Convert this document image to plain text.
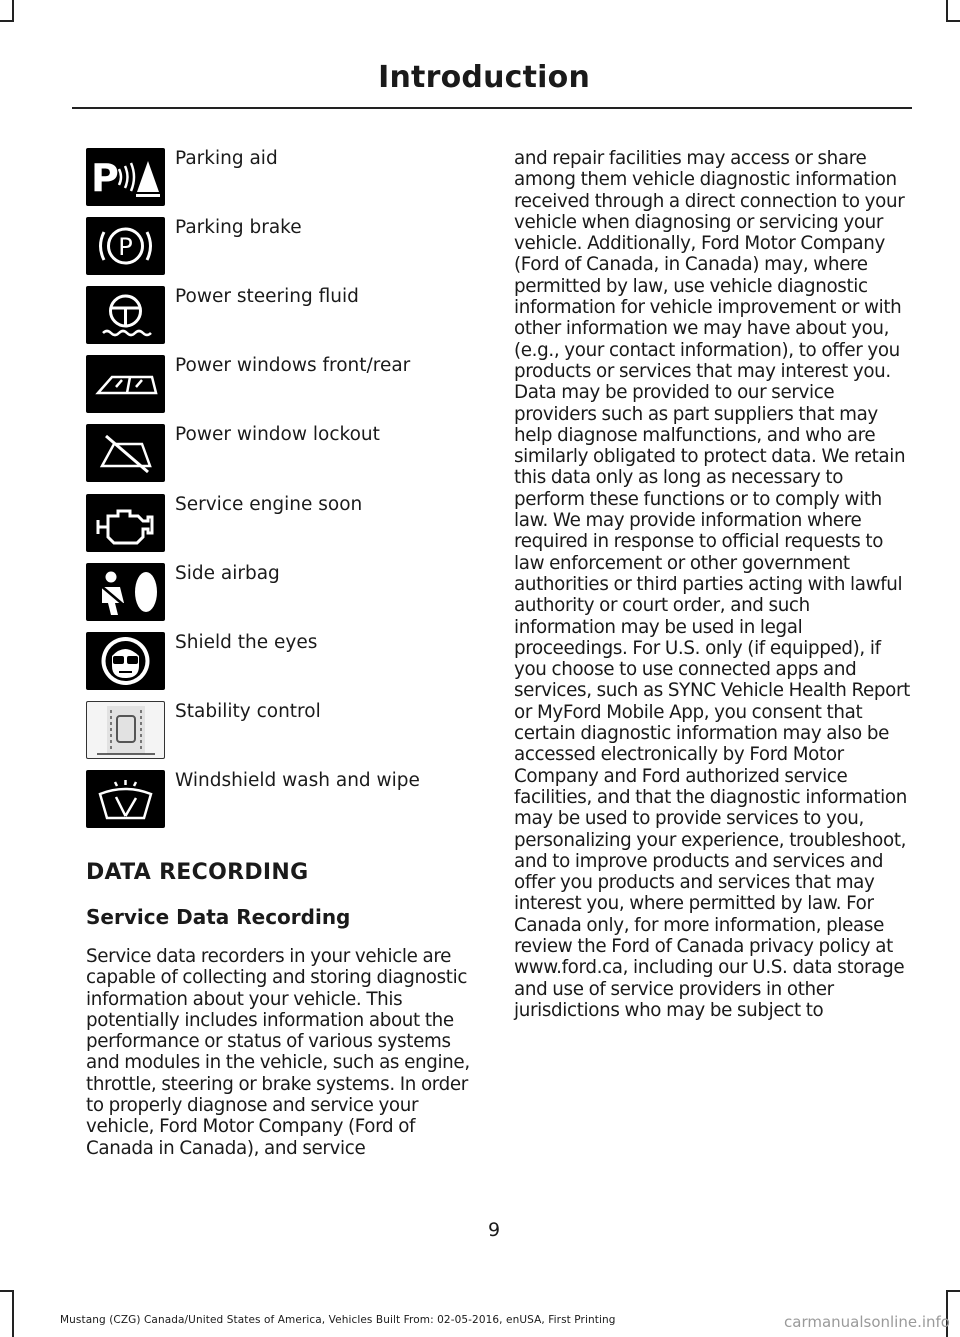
Introduction
P	Parking aid
P
Parking brake
Power steering fluid
Power windows front/rear
Power window lockout
Service engine soon
Side airbag
Shield the eyes
Stability control
Windshield wash and wipe
DATA RECORDING
Service Data Recording

Service data recorders in your vehicle are capable of collecting and storing diagnostic information about your vehicle. This potentially includes information about the performance or status of various systems and modules in the vehicle, such as engine, throttle, steering or brake systems. In order to properly diagnose and service your vehicle, Ford Motor Company (Ford of Canada in Canada), and service

and repair facilities may access or share among them vehicle diagnostic information received through a direct connection to your vehicle when diagnosing or servicing your vehicle. Additionally, Ford Motor Company (Ford of Canada, in Canada) may, where permitted by law, use vehicle diagnostic information for vehicle improvement or with other information we may have about you, (e.g., your contact information), to offer you products or services that may interest you. Data may be provided to our service providers such as part suppliers that may help diagnose malfunctions, and who are similarly obligated to protect data. We retain this data only as long as necessary to perform these functions or to comply with law. We may provide information where required in response to official requests to law enforcement or other government authorities or third parties acting with lawful authority or court order, and such information may be used in legal proceedings. For U.S. only (if equipped), if you choose to use connected apps and services, such as SYNC Vehicle Health Report or MyFord Mobile App, you consent that certain diagnostic information may also be accessed electronically by Ford Motor Company and Ford authorized service facilities, and that the diagnostic information may be used to provide services to you, personalizing your experience, troubleshoot, and to improve products and services and offer you products and services that may interest you, where permitted by law. For Canada only, for more information, please review the Ford of Canada privacy policy at www.ford.ca, including our U.S. data storage and use of service providers in other jurisdictions who may be subject to

9
Mustang (CZG) Canada/United States of America, Vehicles Built From: 02-05-2016, enUSA, First Printing	carmanualsonline.info
